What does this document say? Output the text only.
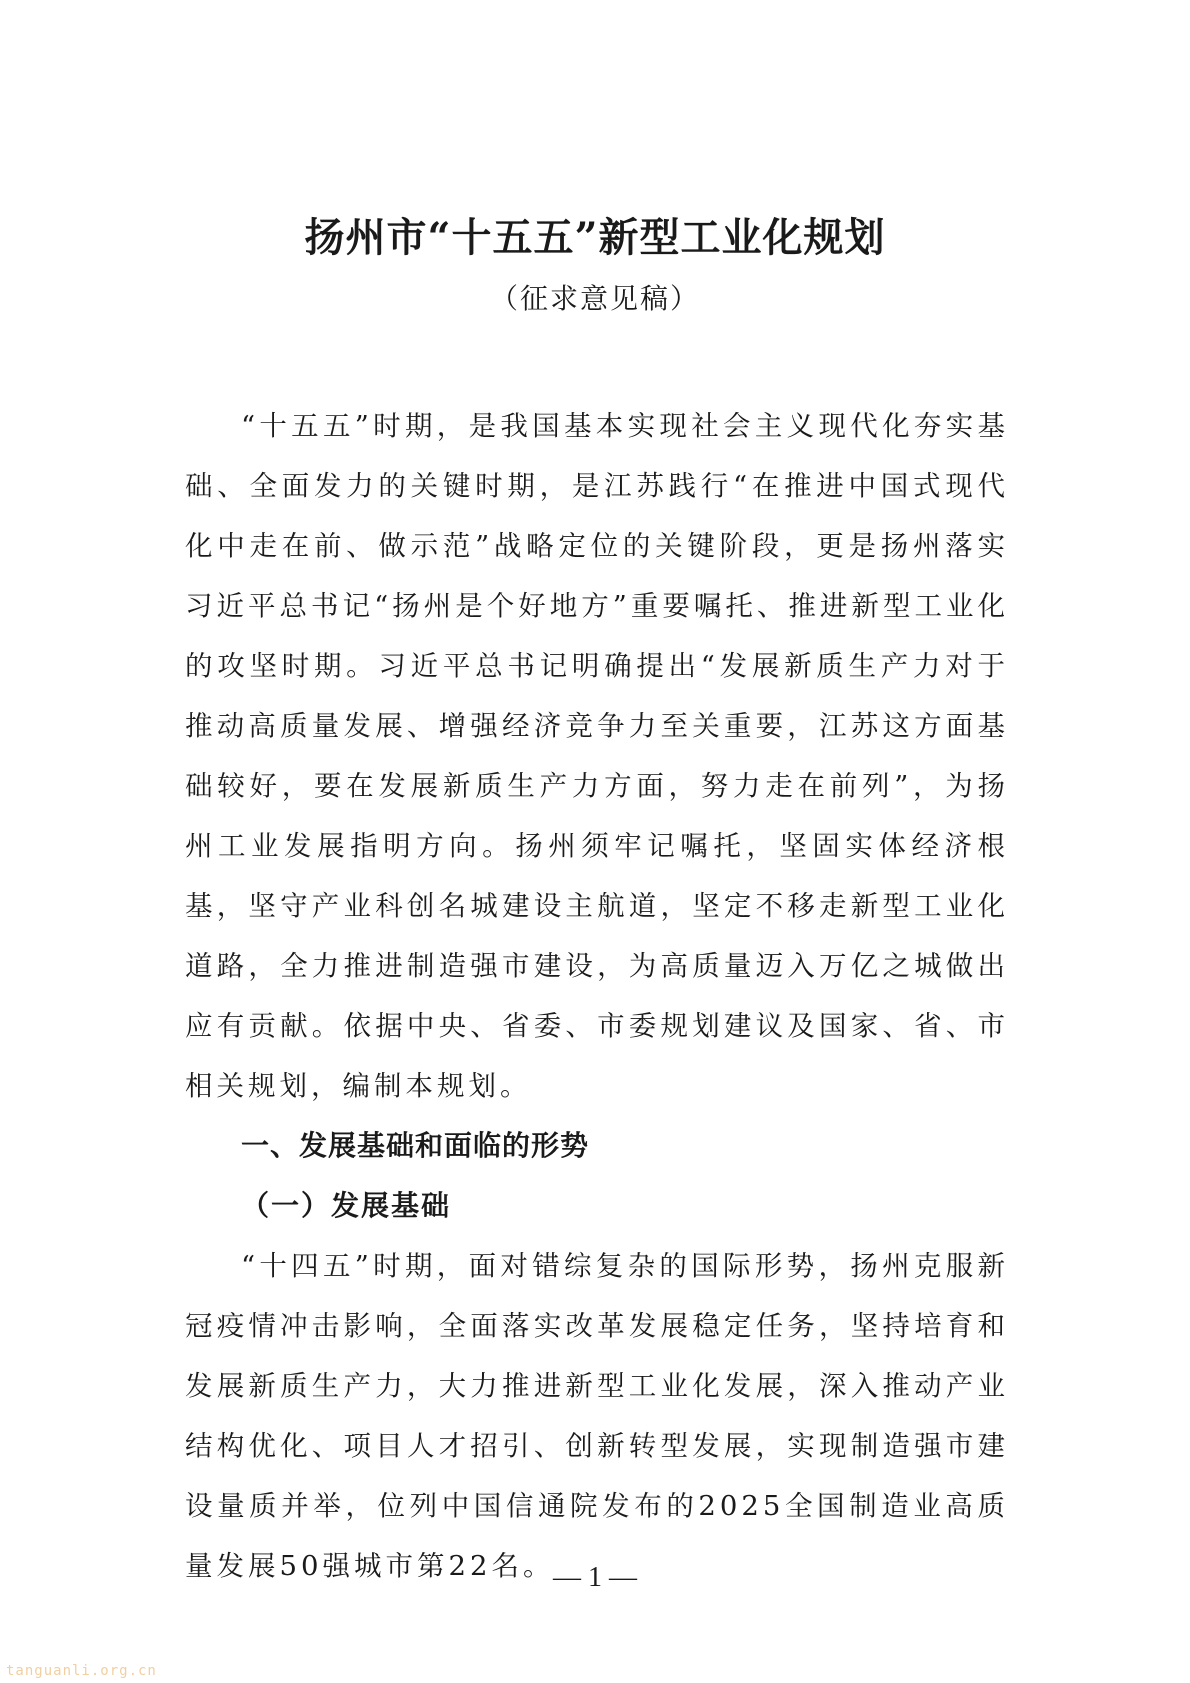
扬州市“十五五”新型工业化规划
（征求意见稿）

“十五五”时期，是我国基本实现社会主义现代化夯实基础、全面发力的关键时期，是江苏践行“在推进中国式现代化中走在前、做示范”战略定位的关键阶段，更是扬州落实习近平总书记“扬州是个好地方”重要嘱托、推进新型工业化的攻坚时期。习近平总书记明确提出“发展新质生产力对于推动高质量发展、增强经济竞争力至关重要，江苏这方面基础较好，要在发展新质生产力方面，努力走在前列”，为扬州工业发展指明方向。扬州须牢记嘱托，坚固实体经济根基，坚守产业科创名城建设主航道，坚定不移走新型工业化道路，全力推进制造强市建设，为高质量迈入万亿之城做出应有贡献。依据中央、省委、市委规划建议及国家、省、市相关规划，编制本规划。

一、发展基础和面临的形势

（一）发展基础

“十四五”时期，面对错综复杂的国际形势，扬州克服新冠疫情冲击影响，全面落实改革发展稳定任务，坚持培育和发展新质生产力，大力推进新型工业化发展，深入推动产业结构优化、项目人才招引、创新转型发展，实现制造强市建设量质并举，位列中国信通院发布的2025全国制造业高质量发展50强城市第22名。

— 1 —
tanguanli.org.cn
